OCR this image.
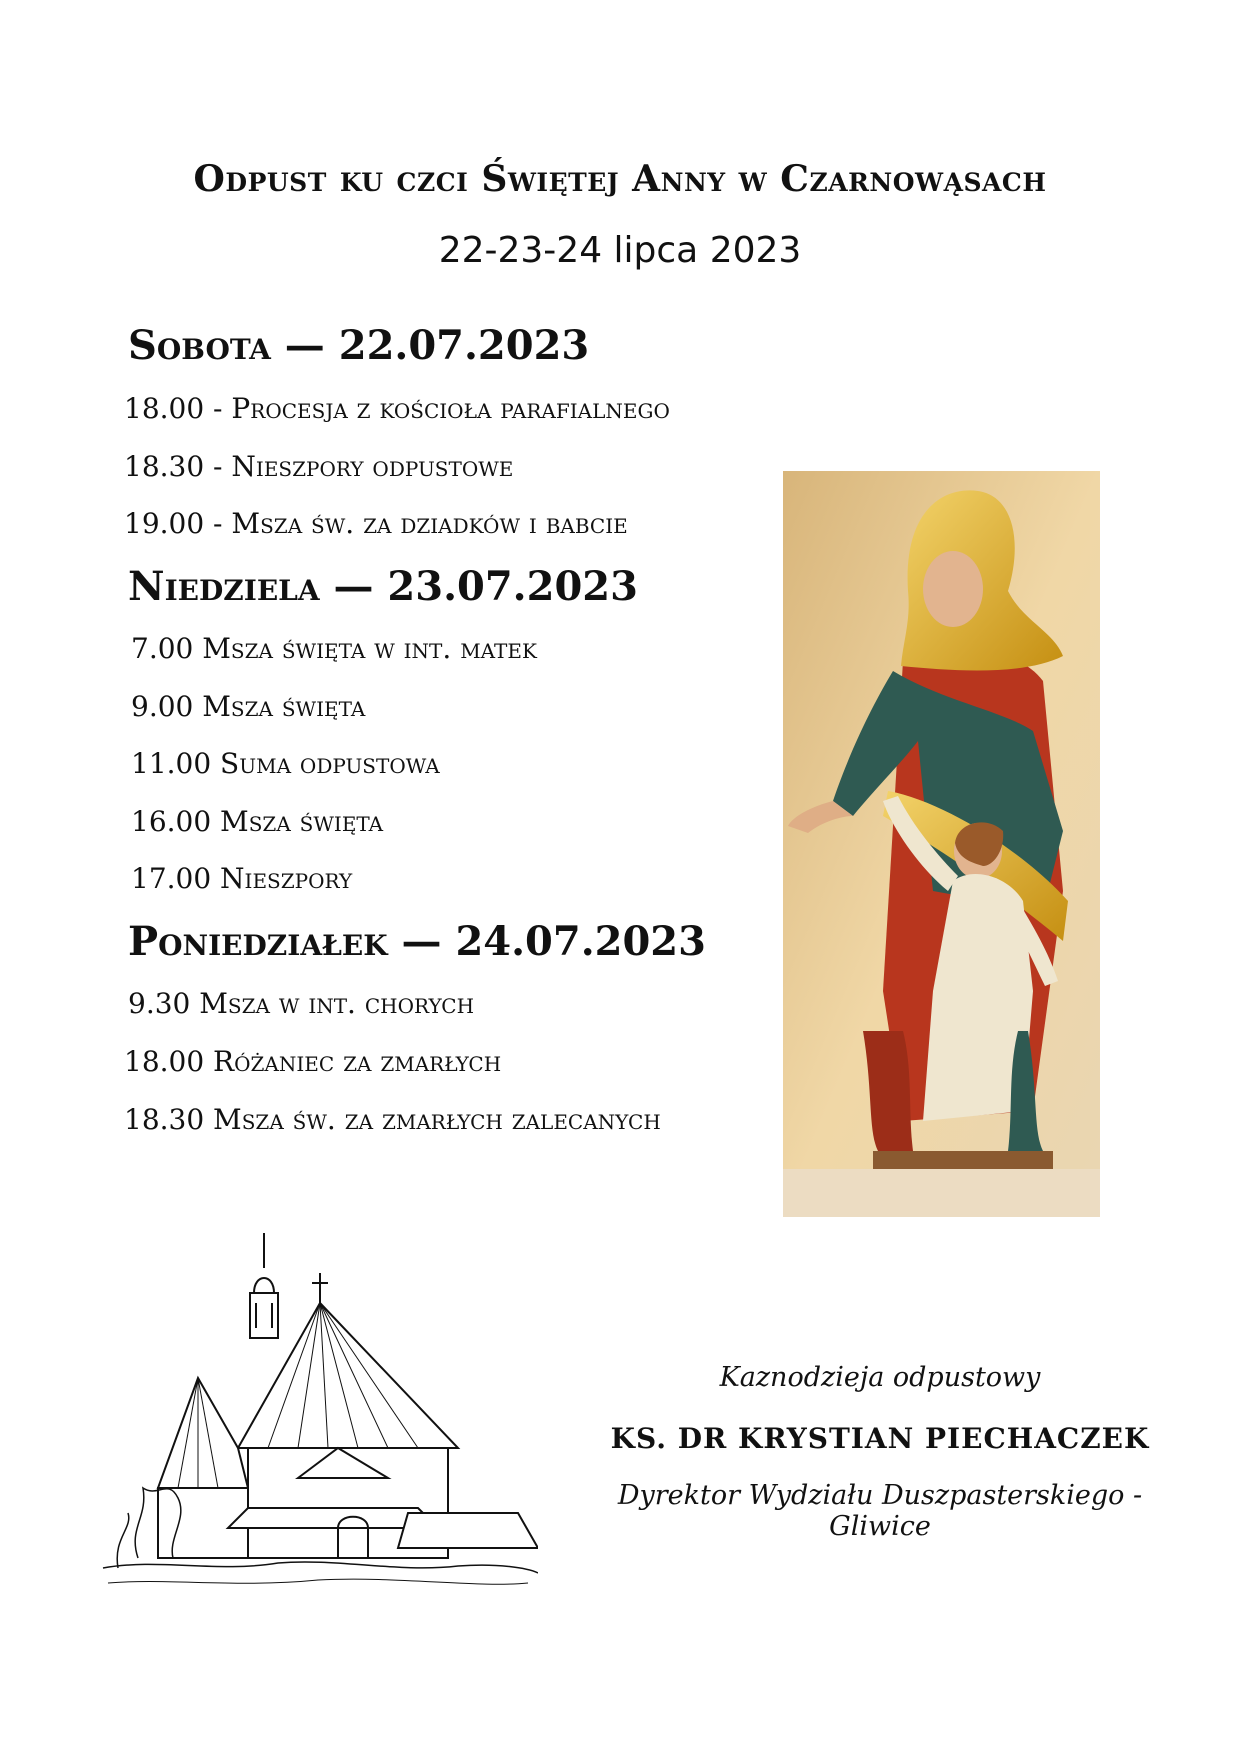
Odpust ku czci Świętej Anny w Czarnowąsach
22-23-24 lipca 2023
Sobota — 22.07.2023
18.00 - Procesja z kościoła parafialnego
18.30 - Nieszpory odpustowe
19.00 - Msza św. za dziadków i babcie
Niedziela — 23.07.2023
7.00 Msza święta w int. matek
9.00 Msza święta
11.00 Suma odpustowa
16.00 Msza święta
17.00 Nieszpory
Poniedziałek — 24.07.2023
9.30 Msza w int. chorych
18.00 Różaniec za zmarłych
18.30 Msza św. za zmarłych zalecanych
Kaznodzieja odpustowy
KS. DR KRYSTIAN PIECHACZEK
Dyrektor Wydziału Duszpasterskiego - Gliwice
